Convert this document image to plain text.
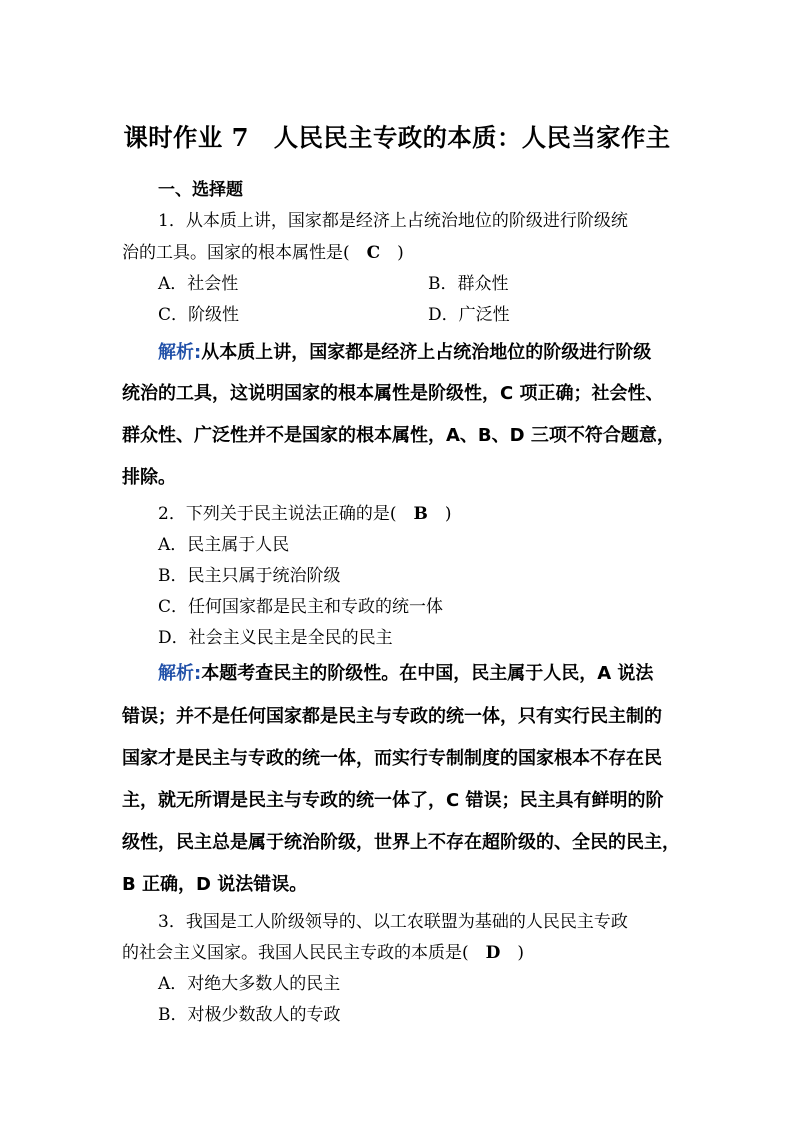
课时作业 7　人民民主专政的本质：人民当家作主
一、选择题
1．从本质上讲，国家都是经济上占统治地位的阶级进行阶级统
治的工具。国家的根本属性是(　C　)
A．社会性	B．群众性
C．阶级性	D．广泛性
解析:从本质上讲，国家都是经济上占统治地位的阶级进行阶级
统治的工具，这说明国家的根本属性是阶级性，C 项正确；社会性、
群众性、广泛性并不是国家的根本属性，A、B、D 三项不符合题意，
排除。
2．下列关于民主说法正确的是(　B　)
A．民主属于人民
B．民主只属于统治阶级
C．任何国家都是民主和专政的统一体
D．社会主义民主是全民的民主
解析:本题考查民主的阶级性。在中国，民主属于人民，A 说法
错误；并不是任何国家都是民主与专政的统一体，只有实行民主制的
国家才是民主与专政的统一体，而实行专制制度的国家根本不存在民
主，就无所谓是民主与专政的统一体了，C 错误；民主具有鲜明的阶
级性，民主总是属于统治阶级，世界上不存在超阶级的、全民的民主，
B 正确，D 说法错误。
3．我国是工人阶级领导的、以工农联盟为基础的人民民主专政
的社会主义国家。我国人民民主专政的本质是(　D　)
A．对绝大多数人的民主
B．对极少数敌人的专政
